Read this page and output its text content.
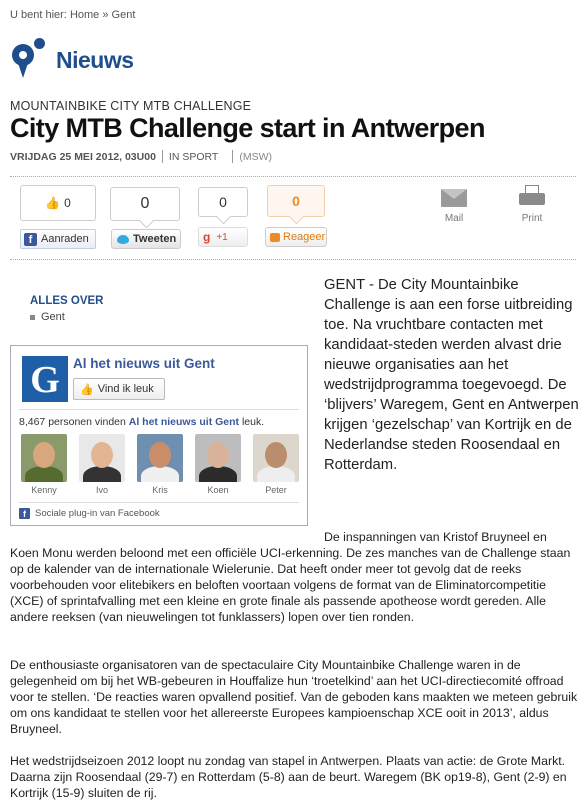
U bent hier: Home » Gent
Nieuws
MOUNTAINBIKE CITY MTB CHALLENGE
City MTB Challenge start in Antwerpen
VRIJDAG 25 MEI 2012, 03U00 IN SPORT (MSW)
👍 0
f Aanraden
0
Tweeten
0
g +1
0
Reageer
Mail	Print
ALLES OVER
Gent
G Al het nieuws uit Gent
👍 Vind ik leuk
8,467 personen vinden Al het nieuws uit Gent leuk.
Kenny	Ivo	Kris	Koen	Peter
f Sociale plug-in van Facebook
GENT - De City Mountainbike Challenge is aan een forse uitbreiding toe. Na vruchtbare contacten met kandidaat-steden werden alvast drie nieuwe organisaties aan het wedstrijdprogramma toegevoegd. De ‘blijvers’ Waregem, Gent en Antwerpen krijgen ‘gezelschap’ van Kortrijk en de Nederlandse steden Roosendaal en Rotterdam.
De inspanningen van Kristof Bruyneel en
Koen Monu werden beloond met een officiële UCI-erkenning. De zes manches van de Challenge staan op de kalender van de internationale Wielerunie. Dat heeft onder meer tot gevolg dat de reeks voorbehouden voor elitebikers en beloften voortaan volgens de format van de Eliminatorcompetitie (XCE) of sprintafvalling met een kleine en grote finale als passende apotheose wordt gereden. Alle andere reeksen (van nieuwelingen tot funklassers) lopen over tien ronden.
De enthousiaste organisatoren van de spectaculaire City Mountainbike Challenge waren in de gelegenheid om bij het WB-gebeuren in Houffalize hun ‘troetelkind’ aan het UCI-directiecomité offroad voor te stellen. ‘De reacties waren opvallend positief. Van de geboden kans maakten we meteen gebruik om ons kandidaat te stellen voor het allereerste Europees kampioenschap XCE ooit in 2013’, aldus Bruyneel.
Het wedstrijdseizoen 2012 loopt nu zondag van stapel in Antwerpen. Plaats van actie: de Grote Markt. Daarna zijn Roosendaal (29-7) en Rotterdam (5-8) aan de beurt. Waregem (BK op19-8), Gent (2-9) en Kortrijk (15-9) sluiten de rij.
